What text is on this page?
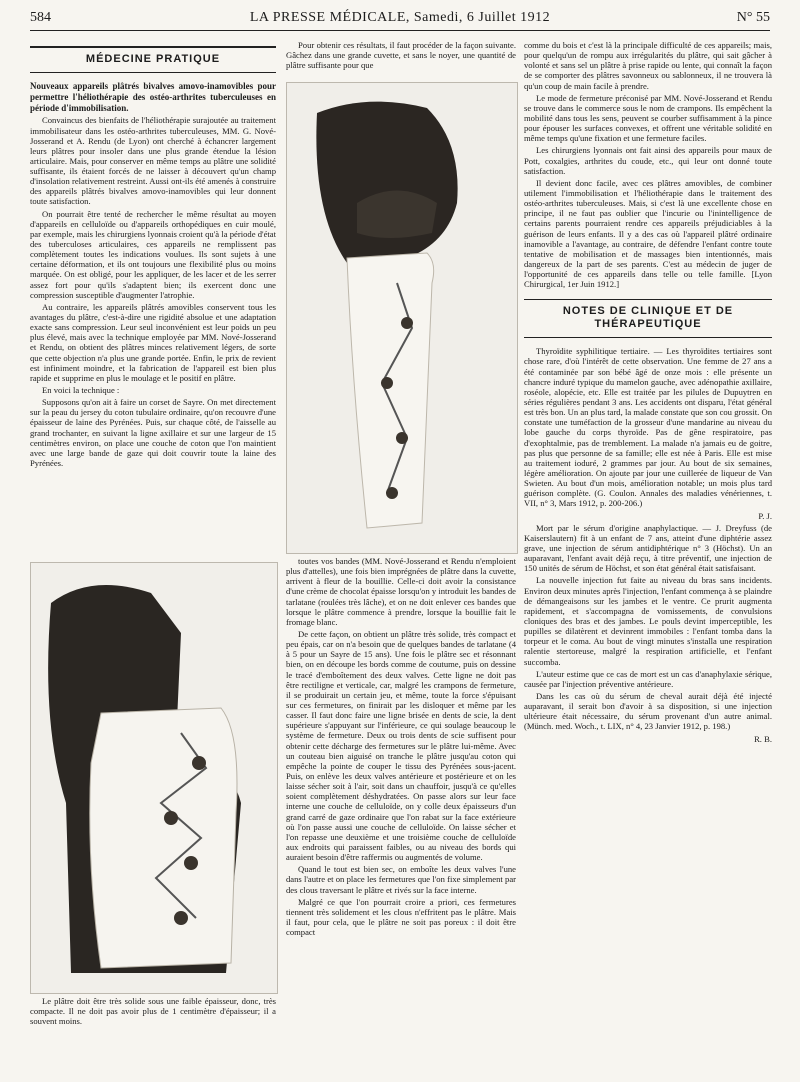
584	LA PRESSE MÉDICALE, Samedi, 6 Juillet 1912	N° 55
MÉDECINE PRATIQUE

Nouveaux appareils plâtrés bivalves amovo-inamovibles pour permettre l'héliothérapie des ostéo-arthrites tuberculeuses en période d'immobilisation.

Convaincus des bienfaits de l'héliothérapie surajoutée au traitement immobilisateur dans les ostéo-arthrites tuberculeuses, MM. G. Nové-Josserand et A. Rendu (de Lyon) ont cherché à échancrer largement leurs plâtres pour insoler dans une plus grande étendue la lésion articulaire. Mais, pour conserver en même temps au plâtre une solidité suffisante, ils étaient forcés de ne laisser à découvert qu'un champ d'insolation relativement restreint. Aussi ont-ils été amenés à construire des appareils plâtrés bivalves amovo-inamovibles qui leur donnent toute satisfaction.

On pourrait être tenté de rechercher le même résultat au moyen d'appareils en celluloïde ou d'appareils orthopédiques en cuir moulé, par exemple, mais les chirurgiens lyonnais croient qu'à la période d'état des tuberculoses articulaires, ces appareils ne remplissent pas complètement toutes les indications voulues. Ils sont sujets à une certaine déformation, et ils ont toujours une flexibilité plus ou moins marquée. On est obligé, pour les appliquer, de les lacer et de les serrer assez fort pour qu'ils s'adaptent bien; ils exercent donc une compression susceptible d'augmenter l'atrophie.

Au contraire, les appareils plâtrés amovibles conservent tous les avantages du plâtre, c'est-à-dire une rigidité absolue et une adaptation exacte sans compression. Leur seul inconvénient est leur poids un peu plus élevé, mais avec la technique employée par MM. Nové-Josserand et Rendu, on obtient des plâtres minces relativement légers, de sorte que cette objection n'a plus une grande portée. Enfin, le prix de revient est infiniment moindre, et la fabrication de l'appareil est bien plus rapide et supprime en plus le moulage et le positif en plâtre.

En voici la technique :

Supposons qu'on ait à faire un corset de Sayre. On met directement sur la peau du jersey du coton tubulaire ordinaire, qu'on recouvre d'une épaisseur de laine des Pyrénées. Puis, sur chaque côté, de l'aisselle au grand trochanter, en suivant la ligne axillaire et sur une largeur de 15 centimètres environ, on place une couche de coton que l'on maintient avec une large bande de gaze qui doit couvrir toute la laine des Pyrénées.

Le plâtre doit être très solide sous une faible épaisseur, donc, très compacte. Il ne doit pas avoir plus de 1 centimètre d'épaisseur; il a souvent moins.

Pour obtenir ces résultats, il faut procéder de la façon suivante. Gâchez dans une grande cuvette, et sans le noyer, une quantité de plâtre suffisante pour que

toutes vos bandes (MM. Nové-Josserand et Rendu n'emploient plus d'attelles), une fois bien imprégnées de plâtre dans la cuvette, arrivent à fleur de la bouillie. Celle-ci doit avoir la consistance d'une crème de chocolat épaisse lorsqu'on y introduit les bandes de tarlatane (roulées très lâche), et on ne doit enlever ces bandes que lorsque le plâtre commence à prendre, lorsque la bouillie fait le fromage blanc.

De cette façon, on obtient un plâtre très solide, très compact et peu épais, car on n'a besoin que de quelques bandes de tarlatane (4 à 5 pour un Sayre de 15 ans). Une fois le plâtre sec et résonnant bien, on en découpe les bords comme de coutume, puis on dessine le tracé d'emboîtement des deux valves. Cette ligne ne doit pas être rectiligne et verticale, car, malgré les crampons de fermeture, il se produirait un certain jeu, et même, toute la force s'épuisant sur ces fermetures, on finirait par les disloquer et même par les casser. Il faut donc faire une ligne brisée en dents de scie, la dent supérieure s'appuyant sur l'inférieure, ce qui soulage beaucoup le système de fermeture. Deux ou trois dents de scie suffisent pour obtenir cette décharge des fermetures sur le plâtre lui-même. Avec un couteau bien aiguisé on tranche le plâtre jusqu'au coton qui empêche la pointe de couper le tissu des Pyrénées sous-jacent. Puis, on enlève les deux valves antérieure et postérieure et on les laisse sécher soit à l'air, soit dans un chauffoir, jusqu'à ce qu'elles soient complètement déshydratées. On passe alors sur leur face interne une couche de celluloïde, on y colle deux épaisseurs d'un grand carré de gaze ordinaire que l'on rabat sur la face extérieure où l'on passe aussi une couche de celluloïde. On laisse sécher et l'on repasse une deuxième et une troisième couche de celluloïde aux endroits qui paraissent faibles, ou au niveau des bords qui auraient besoin d'être raffermis ou augmentés de volume.

Quand le tout est bien sec, on emboîte les deux valves l'une dans l'autre et on place les fermetures que l'on fixe simplement par des clous traversant le plâtre et rivés sur la face interne.

Malgré ce que l'on pourrait croire a priori, ces fermetures tiennent très solidement et les clous n'effritent pas le plâtre. Mais il faut, pour cela, que le plâtre ne soit pas poreux : il doit être compact

comme du bois et c'est là la principale difficulté de ces appareils; mais, pour quelqu'un de rompu aux irrégularités du plâtre, qui sait gâcher à volonté et sans sel un plâtre à prise rapide ou lente, qui connaît la façon de se comporter des plâtres savonneux ou sablonneux, il ne trouvera là qu'un coup de main facile à prendre.

Le mode de fermeture préconisé par MM. Nové-Josserand et Rendu se trouve dans le commerce sous le nom de crampons. Ils empêchent la mobilité dans tous les sens, peuvent se courber suffisamment à la pince pour épouser les surfaces convexes, et offrent une véritable solidité en même temps qu'une fixation et une fermeture faciles.

Les chirurgiens lyonnais ont fait ainsi des appareils pour maux de Pott, coxalgies, arthrites du coude, etc., qui leur ont donné toute satisfaction.

Il devient donc facile, avec ces plâtres amovibles, de combiner utilement l'immobilisation et l'héliothérapie dans le traitement des ostéo-arthrites tuberculeuses. Mais, si c'est là une excellente chose en principe, il ne faut pas oublier que l'incurie ou l'inintelligence de certains parents pourraient rendre ces appareils préjudiciables à la guérison de leurs enfants. Il y a des cas où l'appareil plâtré ordinaire inamovible a l'avantage, au contraire, de défendre l'enfant contre toute tentative de mobilisation et de massages bien intentionnés, mais dangereux de la part de ses parents. C'est au médecin de juger de l'opportunité de ces appareils dans telle ou telle famille. [Lyon Chirurgical, 1er Juin 1912.]

NOTES DE CLINIQUE ET DE THÉRAPEUTIQUE

Thyroïdite syphilitique tertiaire. — Les thyroïdites tertiaires sont chose rare, d'où l'intérêt de cette observation. Une femme de 27 ans a été contaminée par son bébé âgé de onze mois : elle présente un chancre induré typique du mamelon gauche, avec adénopathie axillaire, roséole, alopécie, etc. Elle est traitée par les pilules de Dupuytren en séries régulières pendant 3 ans. Les accidents ont disparu, l'état général est très bon. Un an plus tard, la malade constate que son cou grossit. On constate une tuméfaction de la grosseur d'une mandarine au niveau du lobe gauche du corps thyroïde. Pas de gêne respiratoire, pas d'exophtalmie, pas de tremblement. La malade n'a jamais eu de goitre, pas plus que personne de sa famille; elle est née à Paris. Elle est mise au traitement ioduré, 2 grammes par jour. Au bout de six semaines, légère amélioration. On ajoute par jour une cuillerée de liqueur de Van Swieten. Au bout d'un mois, amélioration notable; un mois plus tard guérison complète. (G. Coulon. Annales des maladies vénériennes, t. VII, n° 3, Mars 1912, p. 200-206.)

P. J.

Mort par le sérum d'origine anaphylactique. — J. Dreyfuss (de Kaiserslautern) fit à un enfant de 7 ans, atteint d'une diphtérie assez grave, une injection de sérum antidiphtérique n° 3 (Höchst). Un an auparavant, l'enfant avait déjà reçu, à titre préventif, une injection de 150 unités de sérum de Höchst, et son état général était satisfaisant.

La nouvelle injection fut faite au niveau du bras sans incidents. Environ deux minutes après l'injection, l'enfant commença à se plaindre de démangeaisons sur les jambes et le ventre. Ce prurit augmenta rapidement, et s'accompagna de vomissements, de convulsions cloniques des bras et des jambes. Le pouls devint imperceptible, les pupilles se dilatèrent et devinrent immobiles : l'enfant tomba dans la torpeur et le coma. Au bout de vingt minutes s'installa une respiration ralentie stertoreuse, malgré la respiration artificielle, et l'enfant succomba.

L'auteur estime que ce cas de mort est un cas d'anaphylaxie sérique, causée par l'injection préventive antérieure.

Dans les cas où du sérum de cheval aurait déjà été injecté auparavant, il serait bon d'avoir à sa disposition, si une injection ultérieure était nécessaire, du sérum provenant d'un autre animal. (Münch. med. Woch., t. LIX, n° 4, 23 Janvier 1912, p. 198.)

R. B.
